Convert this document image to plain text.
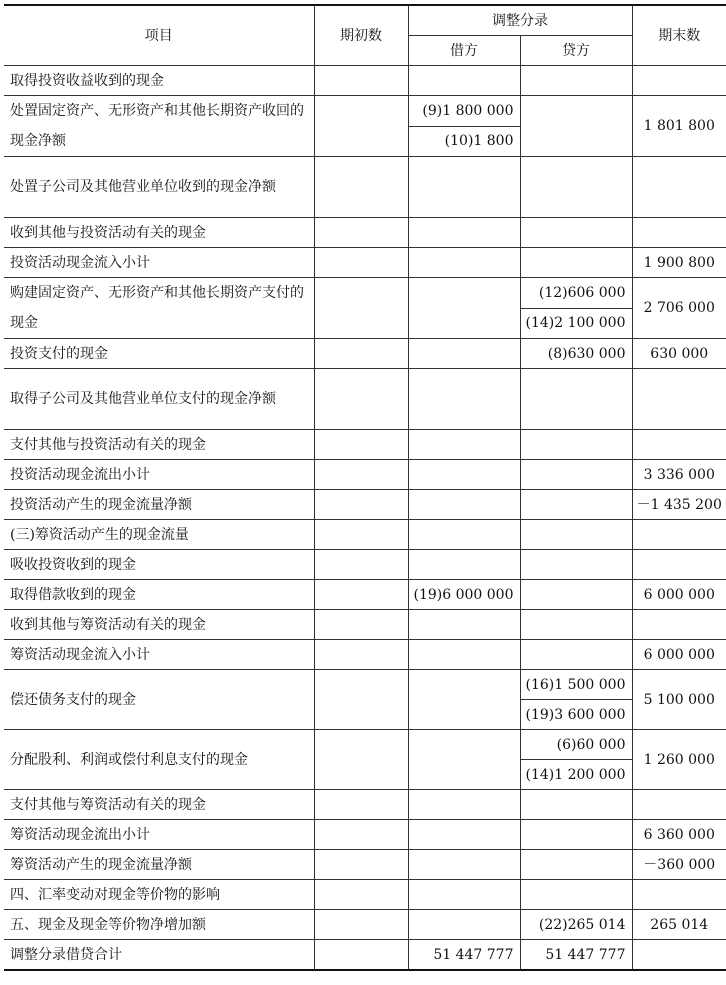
项目	期初数	调整分录		期末数
		借方	贷方	
取得投资收益收到的现金				
处置固定资产、无形资产和其他长期资产收回的现金净额		(9)1 800 000		1 801 800
		(10)1 800		
处置子公司及其他营业单位收到的现金净额				
收到其他与投资活动有关的现金				
投资活动现金流入小计				1 900 800
购建固定资产、无形资产和其他长期资产支付的现金			(12)606 000	2 706 000
			(14)2 100 000	
投资支付的现金			(8)630 000	630 000
取得子公司及其他营业单位支付的现金净额				
支付其他与投资活动有关的现金				
投资活动现金流出小计				3 336 000
投资活动产生的现金流量净额				－1 435 200
(三)筹资活动产生的现金流量				
吸收投资收到的现金				
取得借款收到的现金		(19)6 000 000		6 000 000
收到其他与筹资活动有关的现金				
筹资活动现金流入小计				6 000 000
偿还债务支付的现金			(16)1 500 000	5 100 000
			(19)3 600 000	
分配股利、利润或偿付利息支付的现金			(6)60 000	1 260 000
			(14)1 200 000	
支付其他与筹资活动有关的现金				
筹资活动现金流出小计				6 360 000
筹资活动产生的现金流量净额				－360 000
四、汇率变动对现金等价物的影响				
五、现金及现金等价物净增加额			(22)265 014	265 014
调整分录借贷合计		51 447 777	51 447 777	
